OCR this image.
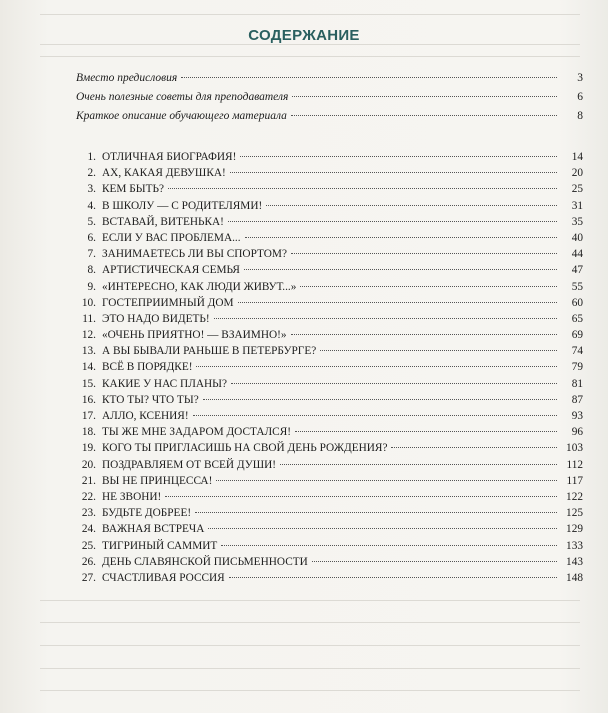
СОДЕРЖАНИЕ
Вместо предисловия	3
Очень полезные советы для преподавателя	6
Краткое описание обучающего материала	8
1. ОТЛИЧНАЯ БИОГРАФИЯ!	14
2. АХ, КАКАЯ ДЕВУШКА!	20
3. КЕМ БЫТЬ?	25
4. В ШКОЛУ — С РОДИТЕЛЯМИ!	31
5. ВСТАВАЙ, ВИТЕНЬКА!	35
6. ЕСЛИ У ВАС ПРОБЛЕМА...	40
7. ЗАНИМАЕТЕСЬ ЛИ ВЫ СПОРТОМ?	44
8. АРТИСТИЧЕСКАЯ СЕМЬЯ	47
9. «ИНТЕРЕСНО, КАК ЛЮДИ ЖИВУТ...»	55
10. ГОСТЕПРИИМНЫЙ ДОМ	60
11. ЭТО НАДО ВИДЕТЬ!	65
12. «ОЧЕНЬ ПРИЯТНО! — ВЗАИМНО!»	69
13. А ВЫ БЫВАЛИ РАНЬШЕ В ПЕТЕРБУРГЕ?	74
14. ВСЁ В ПОРЯДКЕ!	79
15. КАКИЕ У НАС ПЛАНЫ?	81
16. КТО ТЫ? ЧТО ТЫ?	87
17. АЛЛО, КСЕНИЯ!	93
18. ТЫ ЖЕ МНЕ ЗАДАРОМ ДОСТАЛСЯ!	96
19. КОГО ТЫ ПРИГЛАСИШЬ НА СВОЙ ДЕНЬ РОЖДЕНИЯ?	103
20. ПОЗДРАВЛЯЕМ ОТ ВСЕЙ ДУШИ!	112
21. ВЫ НЕ ПРИНЦЕССА!	117
22. НЕ ЗВОНИ!	122
23. БУДЬТЕ ДОБРЕЕ!	125
24. ВАЖНАЯ ВСТРЕЧА	129
25. ТИГРИНЫЙ САММИТ	133
26. ДЕНЬ СЛАВЯНСКОЙ ПИСЬМЕННОСТИ	143
27. СЧАСТЛИВАЯ РОССИЯ	148
